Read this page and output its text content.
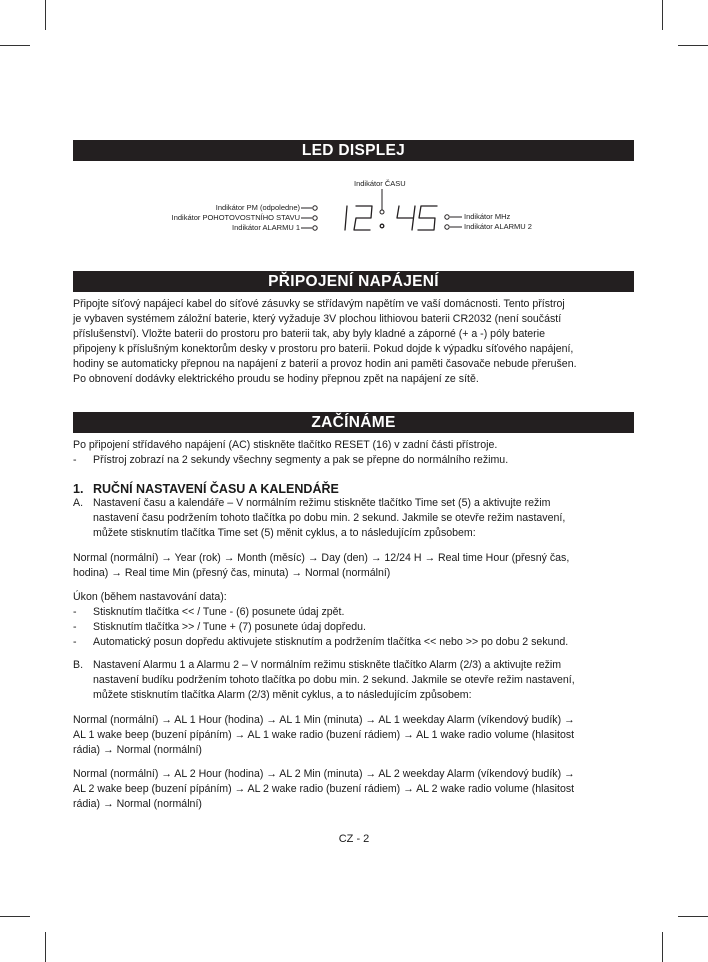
LED DISPLEJ
Indikátor ČASU
Indikátor PM (odpoledne)
Indikátor POHOTOVOSTNÍHO STAVU
Indikátor ALARMU 1
Indikátor MHz
Indikátor ALARMU 2
PŘIPOJENÍ NAPÁJENÍ
Připojte síťový napájecí kabel do síťové zásuvky se střídavým napětím ve vaší domácnosti. Tento přístroj
je vybaven systémem záložní baterie, který vyžaduje 3V plochou lithiovou baterii CR2032 (není součástí
příslušenství). Vložte baterii do prostoru pro baterii tak, aby byly kladné a záporné (+ a -) póly baterie
připojeny k příslušným konektorům desky v prostoru pro baterii. Pokud dojde k výpadku síťového napájení,
hodiny se automaticky přepnou na napájení z baterií a provoz hodin ani paměti časovače nebude přerušen.
Po obnovení dodávky elektrického proudu se hodiny přepnou zpět na napájení ze sítě.
ZAČÍNÁME
Po připojení střídavého napájení (AC) stiskněte tlačítko RESET (16) v zadní části přístroje.
- Přístroj zobrazí na 2 sekundy všechny segmenty a pak se přepne do normálního režimu.
1. RUČNÍ NASTAVENÍ ČASU A KALENDÁŘE
A. Nastavení času a kalendáře – V normálním režimu stiskněte tlačítko Time set (5) a aktivujte režim
nastavení času podržením tohoto tlačítka po dobu min. 2 sekund. Jakmile se otevře režim nastavení,
můžete stisknutím tlačítka Time set (5) měnit cyklus, a to následujícím způsobem:
Normal (normální) → Year (rok) → Month (měsíc) → Day (den) → 12/24 H → Real time Hour (přesný čas,
hodina) → Real time Min (přesný čas, minuta) → Normal (normální)
Úkon (během nastavování data):
- Stisknutím tlačítka << / Tune - (6) posunete údaj zpět.
- Stisknutím tlačítka >> / Tune + (7) posunete údaj dopředu.
- Automatický posun dopředu aktivujete stisknutím a podržením tlačítka << nebo >> po dobu 2 sekund.
B. Nastavení Alarmu 1 a Alarmu 2 – V normálním režimu stiskněte tlačítko Alarm (2/3) a aktivujte režim
nastavení budíku podržením tohoto tlačítka po dobu min. 2 sekund. Jakmile se otevře režim nastavení,
můžete stisknutím tlačítka Alarm (2/3) měnit cyklus, a to následujícím způsobem:
Normal (normální) → AL 1 Hour (hodina) → AL 1 Min (minuta) → AL 1 weekday Alarm (víkendový budík) →
AL 1 wake beep (buzení pípáním) → AL 1 wake radio (buzení rádiem) → AL 1 wake radio volume (hlasitost
rádia) → Normal (normální)
Normal (normální) → AL 2 Hour (hodina) → AL 2 Min (minuta) → AL 2 weekday Alarm (víkendový budík) →
AL 2 wake beep (buzení pípáním) → AL 2 wake radio (buzení rádiem) → AL 2 wake radio volume (hlasitost
rádia) → Normal (normální)
CZ - 2
